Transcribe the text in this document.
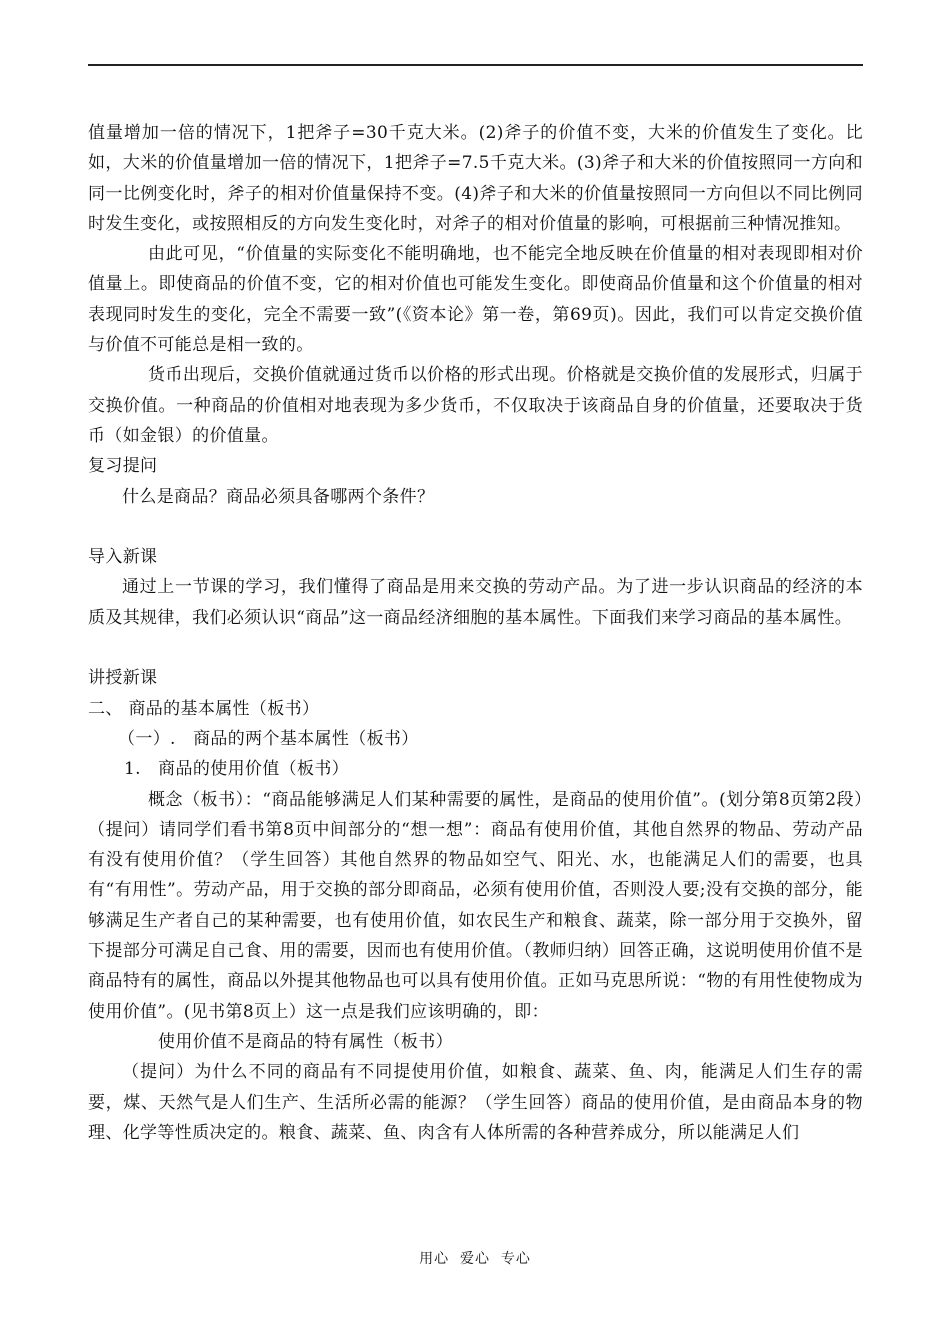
值量增加一倍的情况下，1把斧子=30千克大米。(2)斧子的价值不变，大米的价值发生了变化。比如，大米的价值量增加一倍的情况下，1把斧子=7.5千克大米。(3)斧子和大米的价值按照同一方向和同一比例变化时，斧子的相对价值量保持不变。(4)斧子和大米的价值量按照同一方向但以不同比例同时发生变化，或按照相反的方向发生变化时，对斧子的相对价值量的影响，可根据前三种情况推知。

由此可见，“价值量的实际变化不能明确地，也不能完全地反映在价值量的相对表现即相对价值量上。即使商品的价值不变，它的相对价值也可能发生变化。即使商品价值量和这个价值量的相对表现同时发生的变化，完全不需要一致”(《资本论》第一卷，第69页)。因此，我们可以肯定交换价值与价值不可能总是相一致的。

货币出现后，交换价值就通过货币以价格的形式出现。价格就是交换价值的发展形式，归属于交换价值。一种商品的价值相对地表现为多少货币，不仅取决于该商品自身的价值量，还要取决于货币（如金银）的价值量。

复习提问

什么是商品？商品必须具备哪两个条件？

导入新课

通过上一节课的学习，我们懂得了商品是用来交换的劳动产品。为了进一步认识商品的经济的本质及其规律，我们必须认识“商品”这一商品经济细胞的基本属性。下面我们来学习商品的基本属性。

讲授新课

二、 商品的基本属性（板书）

（一）.   商品的两个基本属性（板书）

1.   商品的使用价值（板书）

概念（板书）：“商品能够满足人们某种需要的属性，是商品的使用价值”。(划分第8页第2段）（提问）请同学们看书第8页中间部分的“想一想”：商品有使用价值，其他自然界的物品、劳动产品有没有使用价值？（学生回答）其他自然界的物品如空气、阳光、水，也能满足人们的需要，也具有“有用性”。劳动产品，用于交换的部分即商品，必须有使用价值，否则没人要;没有交换的部分，能够满足生产者自己的某种需要，也有使用价值，如农民生产和粮食、蔬菜，除一部分用于交换外，留下提部分可满足自己食、用的需要，因而也有使用价值。（教师归纳）回答正确，这说明使用价值不是商品特有的属性，商品以外提其他物品也可以具有使用价值。正如马克思所说：“物的有用性使物成为使用价值”。(见书第8页上）这一点是我们应该明确的，即：

使用价值不是商品的特有属性（板书）

（提问）为什么不同的商品有不同提使用价值，如粮食、蔬菜、鱼、肉，能满足人们生存的需要，煤、天然气是人们生产、生活所必需的能源？（学生回答）商品的使用价值，是由商品本身的物理、化学等性质决定的。粮食、蔬菜、鱼、肉含有人体所需的各种营养成分，所以能满足人们

用心  爱心  专心
